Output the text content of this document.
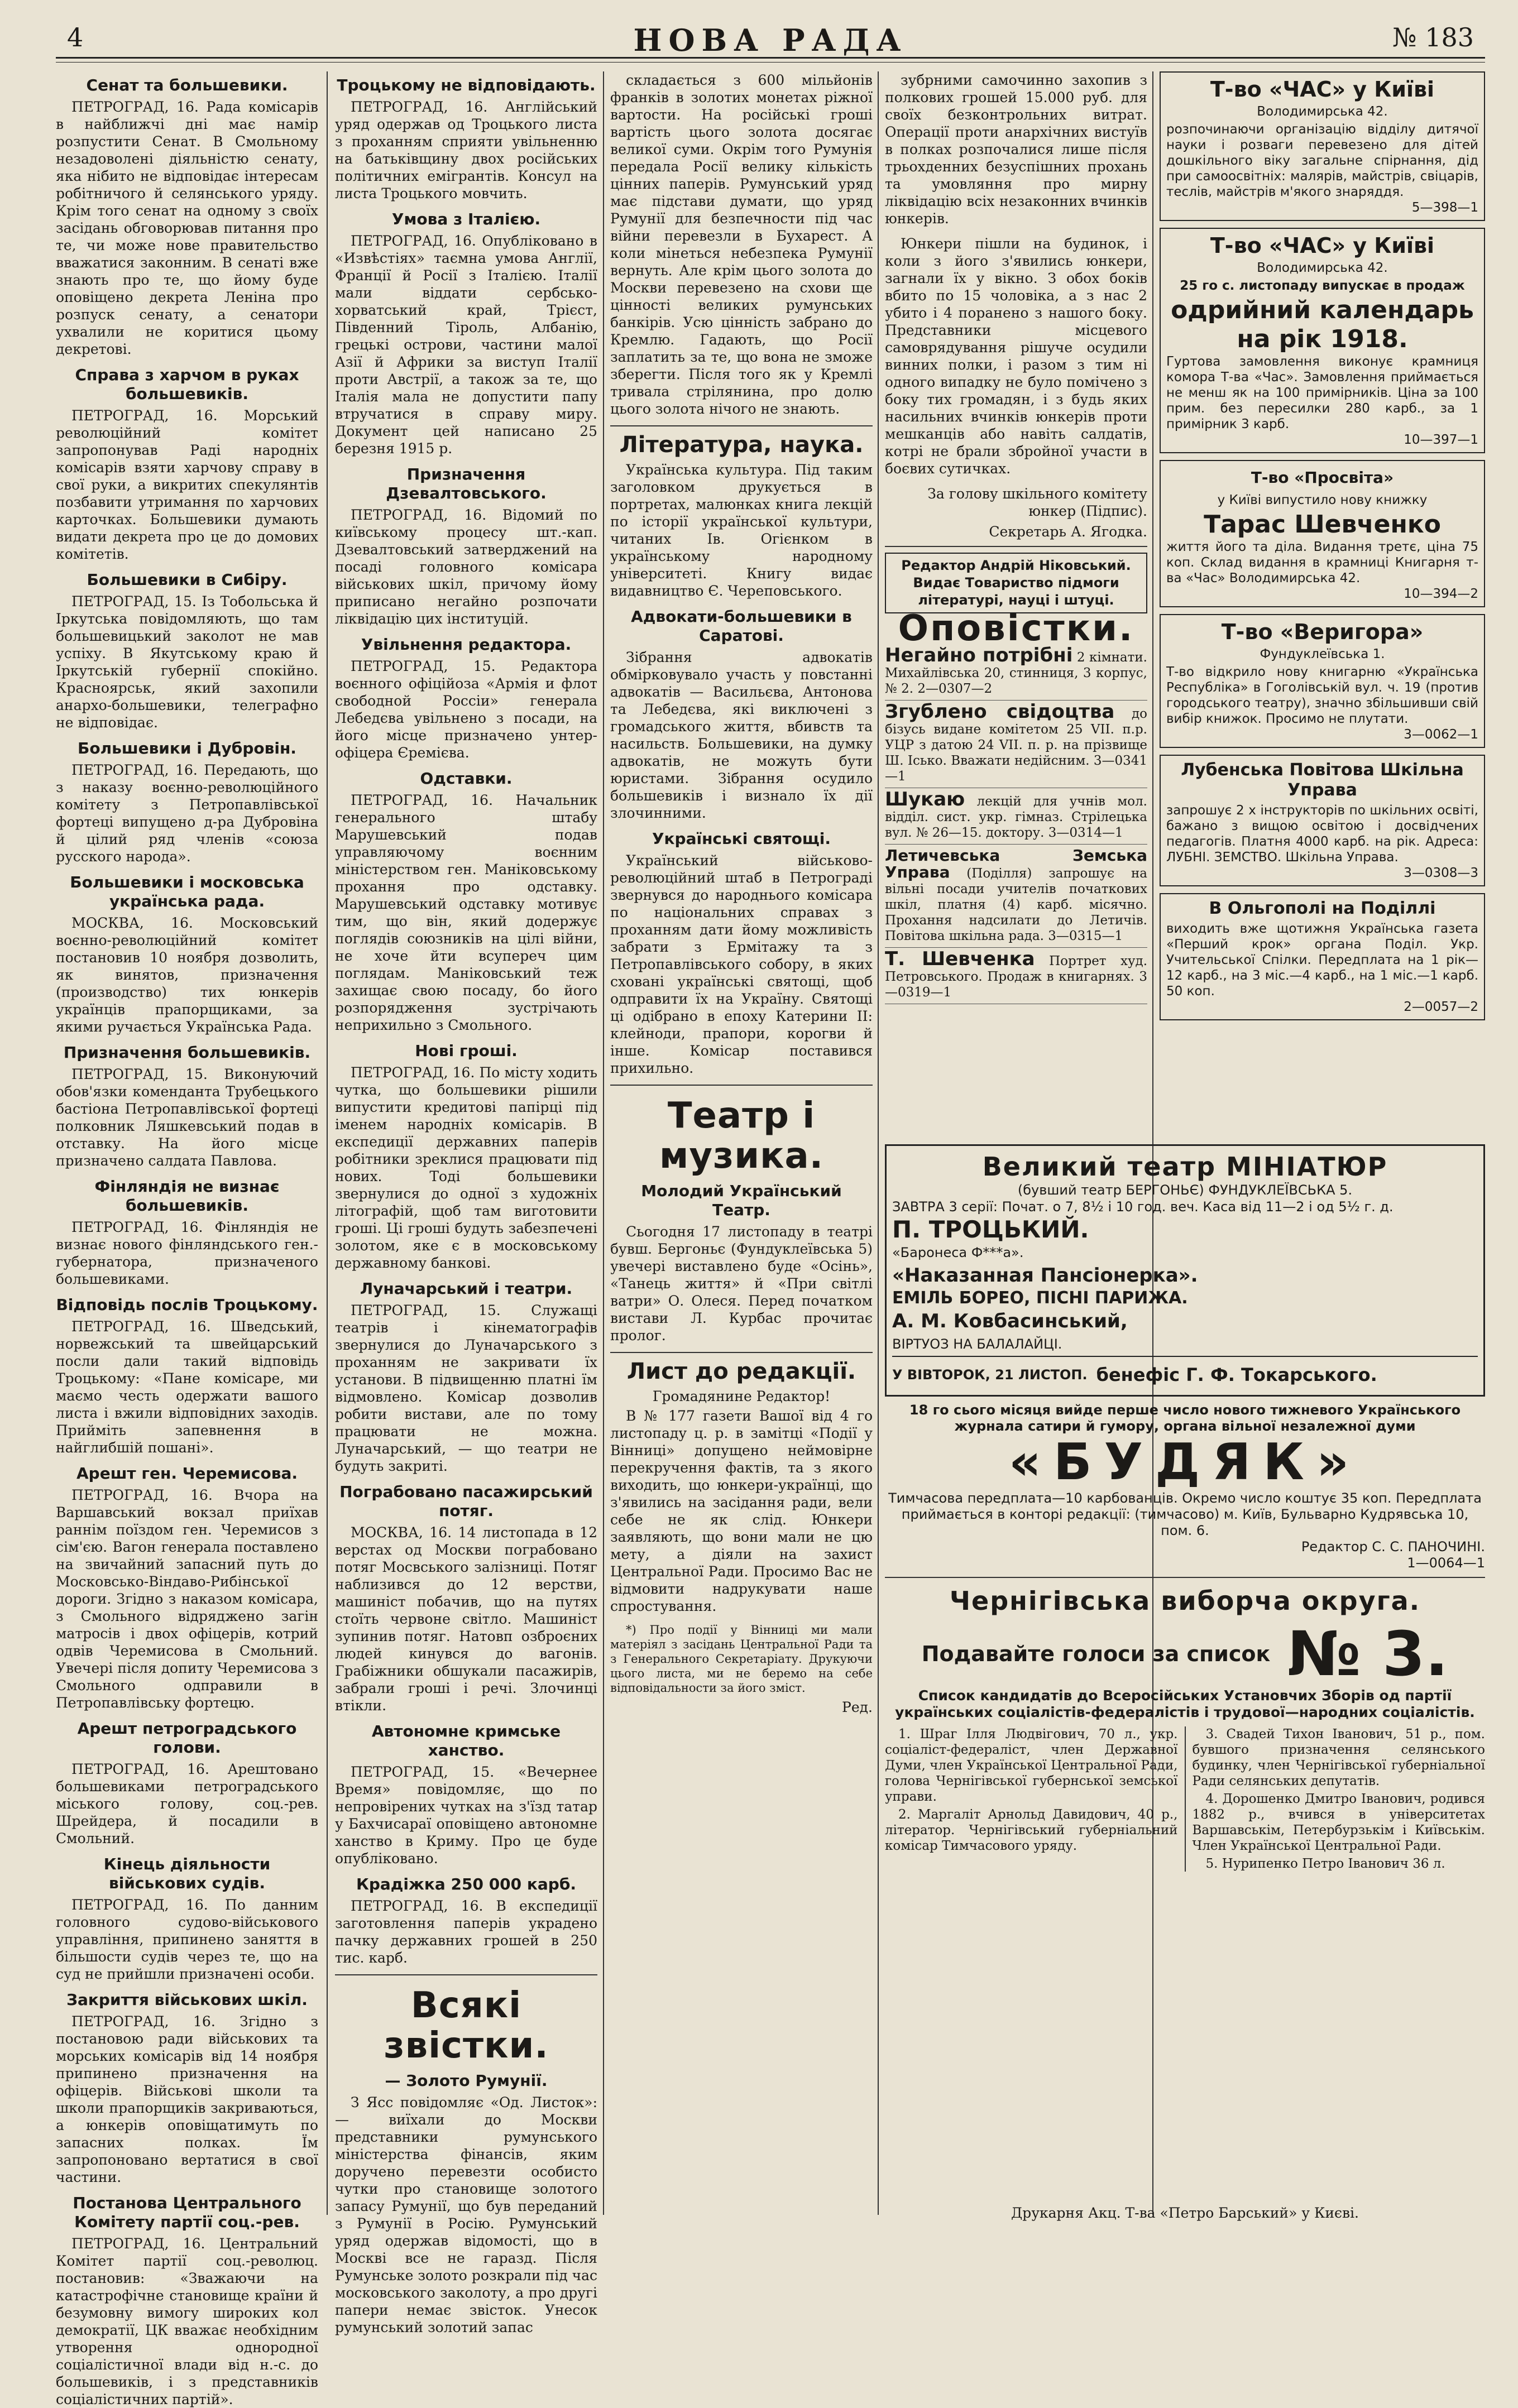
4	НОВА РАДА	№ 183
Сенат та большевики.

ПЕТРОГРАД, 16. Рада комісарів в найближчі дні має намір розпустити Сенат. В Смольному незадоволені діяльністю сенату, яка нібито не відповідає інтересам робітничого й селянського уряду. Крім того сенат на одному з своїх засідань обговорював питання про те, чи може нове правительство вважатися законним. В сенаті вже знають про те, що йому буде оповіщено декрета Леніна про розпуск сенату, а сенатори ухвалили не коритися цьому декретові.

Справа з харчом в руках большевиків.

ПЕТРОГРАД, 16. Морський революційний комітет запропонував Раді народніх комісарів взяти харчову справу в свої руки, а викритих спекулянтів позбавити утримання по харчових карточках. Большевики думають видати декрета про це до домових комітетів.

Большевики в Сибіру.

ПЕТРОГРАД, 15. Із Тобольська й Іркутська повідомляють, що там большевицький заколот не мав успіху. В Якутському краю й Іркутській губернії спокійно. Красноярськ, який захопили анархо-большевики, телеграфно не відповідає.

Большевики і Дубровін.

ПЕТРОГРАД, 16. Передають, що з наказу воєнно-революційного комітету з Петропавлівської фортеці випущено д-ра Дубровіна й цілий ряд членів «союза русского народа».

Большевики і московська українська рада.

МОСКВА, 16. Московський воєнно-революційний комітет постановив 10 ноября дозволить, як винятов, призначення (производство) тих юнкерів українців прапорщиками, за якими ручається Українська Рада.

Призначення большевиків.

ПЕТРОГРАД, 15. Виконуючий обов'язки коменданта Трубецького бастіона Петропавлівської фортеці полковник Ляшкевський подав в отставку. На його місце призначено салдата Павлова.

Фінляндія не визнає большевиків.

ПЕТРОГРАД, 16. Фінляндія не визнає нового фінляндського ген.-губернатора, призначеного большевиками.

Відповідь послів Троцькому.

ПЕТРОГРАД, 16. Шведський, норвежський та швейцарський посли дали такий відповідь Троцькому: «Пане комісаре, ми маємо честь одержати вашого листа і вжили відповідних заходів. Прийміть запевнення в найглибшій пошані».

Арешт ген. Черемисова.

ПЕТРОГРАД, 16. Вчора на Варшавський вокзал приїхав раннім поїздом ген. Черемисов з сім'єю. Вагон генерала поставлено на звичайний запасний путь до Московсько-Віндаво-Рибінської дороги. Згідно з наказом комісара, з Смольного відряджено загін матросів і двох офіцерів, котрий одвів Черемисова в Смольний. Увечері після допиту Черемисова з Смольного одправили в Петропавлівську фортецю.

Арешт петроградського голови.

ПЕТРОГРАД, 16. Арештовано большевиками петроградського міського голову, соц.-рев. Шрейдера, й посадили в Смольний.

Кінець діяльности військових судів.

ПЕТРОГРАД, 16. По данним головного судово-військового управління, припинено заняття в більшости судів через те, що на суд не прийшли призначені особи.

Закриття військових шкіл.

ПЕТРОГРАД, 16. Згідно з постановою ради військових та морських комісарів від 14 ноября припинено призначення на офіцерів. Військові школи та школи прапорщиків закриваються, а юнкерів оповіщатимуть по запасних полках. Їм запропоновано вертатися в свої частини.

Постанова Центрального Комітету партії соц.-рев.

ПЕТРОГРАД, 16. Центральний Комітет партії соц.-революц. постановив: «Зважаючи на катастрофічне становище країни й безумовну вимогу широких кол демократії, ЦК вважає необхідним утворення однородної соціалістичної влади від н.-с. до большевиків, і з представників соціалістичних партій».

Троцькому не відповідають.

ПЕТРОГРАД, 16. Англійський уряд одержав од Троцького листа з проханням сприяти увільненню на батьківщину двох російських політичних емігрантів. Консул на листа Троцького мовчить.

Умова з Італією.

ПЕТРОГРАД, 16. Опубліковано в «Извѣстіях» таємна умова Англії, Франції й Росії з Італією. Італії мали віддати сербсько-хорватський край, Трієст, Південний Тіроль, Албанію, грецькі острови, частини малої Азії й Африки за виступ Італії проти Австрії, а також за те, що Італія мала не допустити папу втручатися в справу миру. Документ цей написано 25 березня 1915 р.

Призначення Дзевалтовського.

ПЕТРОГРАД, 16. Відомий по київському процесу шт.-кап. Дзевалтовський затверджений на посаді головного комісара військових шкіл, причому йому приписано негайно розпочати ліквідацію цих інституцій.

Увільнення редактора.

ПЕТРОГРАД, 15. Редактора воєнного офіційоза «Армія и флот свободной Россіи» генерала Лебедєва увільнено з посади, на його місце призначено унтер-офіцера Єремієва.

Одставки.

ПЕТРОГРАД, 16. Начальник генерального штабу Марушевський подав управляючому воєнним міністерством ген. Маніковському прохання про одставку. Марушевський одставку мотивує тим, що він, який додержує поглядів союзників на цілі війни, не хоче йти всупереч цим поглядам. Маніковський теж захищає свою посаду, бо його розпорядження зустрічають неприхильно з Смольного.

Нові гроші.

ПЕТРОГРАД, 16. По місту ходить чутка, що большевики рішили випустити кредитові папірці під іменем народніх комісарів. В експедиції державних паперів робітники зреклися працювати під нових. Тоді большевики звернулися до одної з художніх літографій, щоб там виготовити гроші. Ці гроші будуть забезпечені золотом, яке є в московському державному банкові.

Луначарський і театри.

ПЕТРОГРАД, 15. Служащі театрів і кінематографів звернулися до Луначарського з проханням не закривати їх установи. В підвищенню платні їм відмовлено. Комісар дозволив робити вистави, але по тому працювати не можна. Луначарський, — що театри не будуть закриті.

Пограбовано пасажирський потяг.

МОСКВА, 16. 14 листопада в 12 верстах од Москви пограбовано потяг Мосвського залізниці. Потяг наблизився до 12 верстви, машиніст побачив, що на путях стоїть червоне світло. Машиніст зупинив потяг. Натовп озброєних людей кинувся до вагонів. Грабіжники обшукали пасажирів, забрали гроші і речі. Злочинці втікли.

Автономне кримське ханство.

ПЕТРОГРАД, 15. «Вечернее Время» повідомляє, що по непровірених чутках на з'їзд татар у Бахчисараї оповіщено автономне ханство в Криму. Про це буде опубліковано.

Крадіжка 250 000 карб.

ПЕТРОГРАД, 16. В експедиції заготовлення паперів украдено пачку державних грошей в 250 тис. карб.

Всякі звістки.
— Золото Румунії.

З Ясс повідомляє «Од. Листок»: — виїхали до Москви представники румунського міністерства фінансів, яким доручено перевезти особисто чутки про становище золотого запасу Румунії, що був переданий з Румунії в Росію. Румунський уряд одержав відомості, що в Москві все не гаразд. Після Румунське золото розкрали під час московського заколоту, а про другі папери немає звісток. Унесок румунський золотий запас

складається з 600 мільйонів франків в золотих монетах ріжної вартости. На російські гроші вартість цього золота досягає великої суми. Окрім того Румунія передала Росії велику кількість цінних паперів. Румунський уряд має підстави думати, що уряд Румунії для безпечности під час війни перевезли в Бухарест. А коли мінеться небезпека Румунії вернуть. Але крім цього золота до Москви перевезено на схови ще цінності великих румунських банкірів. Усю цінність забрано до Кремлю. Гадають, що Росії заплатить за те, що вона не зможе зберегти. Після того як у Кремлі тривала стрілянина, про долю цього золота нічого не знають.

Література, наука.

Українська культура. Під таким заголовком друкується в портретах, малюнках книга лекцій по історії української культури, читаних Ів. Огієнком в українському народному університеті. Книгу видає видавництво Є. Череповського.

Адвокати-большевики в Саратові.

Зібрання адвокатів обмірковувало участь у повстанні адвокатів — Васильєва, Антонова та Лебедєва, які виключені з громадського життя, вбивств та насильств. Большевики, на думку адвокатів, не можуть бути юристами. Зібрання осудило большевиків і визнало їх дії злочинними.

Українські святощі.

Український військово-революційний штаб в Петрограді звернувся до народнього комісара по національних справах з проханням дати йому можливість забрати з Ермітажу та з Петропавлівського собору, в яких сховані українські святощі, щоб одправити їх на Україну. Святощі ці одібрано в епоху Катерини II: клейноди, прапори, корогви й інше. Комісар поставився прихильно.

Театр і музика.
Молодий Український Театр.

Сьогодня 17 листопаду в театрі бувш. Бергоньє (Фундуклеївська 5) увечері виставлено буде «Осінь», «Танець життя» й «При світлі ватри» О. Олеся. Перед початком вистави Л. Курбас прочитає пролог.

Лист до редакції.
Громадянине Редактор!

В № 177 газети Вашої від 4 го листопаду ц. р. в замітці «Події у Вінниці» допущено неймовірне перекручення фактів, та з якого виходить, що юнкери-українці, що з'явились на засідання ради, вели себе не як слід. Юнкери заявляють, що вони мали не цю мету, а діяли на захист Центральної Ради. Просимо Вас не відмовити надрукувати наше спростування.

*) Про події у Вінниці ми мали матеріял з засідань Центральної Ради та з Генерального Секретаріату. Друкуючи цього листа, ми не беремо на себе відповідальности за його зміст.

Ред.

зубрними самочинно захопив з полкових грошей 15.000 руб. для своїх безконтрольних витрат. Операції проти анархічних вистуїв в полках розпочалися лише після трьохденних безуспішних прохань та умовляння про мирну ліквідацію всіх незаконних вчинків юнкерів.

Юнкери пішли на будинок, і коли з його з'явились юнкери, загнали їх у вікно. З обох боків вбито по 15 чоловіка, а з нас 2 убито і 4 поранено з нашого боку. Представники місцевого самоврядування рішуче осудили винних полки, і разом з тим ні одного випадку не було помічено з боку тих громадян, і з будь яких насильних вчинків юнкерів проти мешканців або навіть салдатів, котрі не брали збройної участи в боєвих сутичках.

За голову шкільного комітету юнкер (Підпис).
Секретарь А. Ягодка.
Редактор Андрій Ніковський.
Видає Товариство підмоги літературі, науці і штуці.
Оповістки.
Негайно потрібні 2 кімнати. Михайлівська 20, стинниця, 3 корпус, № 2. 2—0307—2
Згублено свідоцтва до бізусь видане комітетом 25 VII. п.р. УЦР з датою 24 VII. п. р. на прізвище Ш. Ісько. Вважати недійсним. 3—0341—1
Шукаю лекцій для учнів мол. відділ. сист. укр. гімназ. Стрілецька вул. № 26—15. доктору. 3—0314—1
Летичевська Земська Управа (Поділля) запрошує на вільні посади учителів початкових шкіл, платня (4) карб. місячно. Прохання надсилати до Летичів. Повітова шкільна рада. 3—0315—1
Т. Шевченка Портрет худ. Петровського. Продаж в книгарнях. 3—0319—1
Великий театр МІНІАТЮР
(бувший театр БЕРГОНЬЄ) ФУНДУКЛЕЇВСЬКА 5.
ЗАВТРА 3 серії: Почат. о 7, 8½ і 10 год. веч. Каса від 11—2 і од 5½ г. д.
П. ТРОЦЬКИЙ.
«Баронеса Ф***а».
«Наказанная Пансіонерка».
ЕМІЛЬ БОРЕО, ПІСНІ ПАРИЖА.
А. М. Ковбасинський,
ВІРТУОЗ НА БАЛАЛАЙЦІ.
У ВІВТОРОК, 21 ЛИСТОП. бенефіс Г. Ф. Токарського.
18 го сього місяця вийде перше число нового тижневого Українського журнала сатири й гумору, органа вільної незалежної думи
«БУДЯК»
Тимчасова передплата—10 карбованців. Окремо число коштує 35 коп. Передплата приймається в конторі редакції: (тимчасово) м. Київ, Бульварно Кудрявська 10, пом. 6.
Редактор С. С. ПАНОЧИНІ.
1—0064—1
Чернігівська виборча округа.
Подавайте голоси за список № 3.
Список кандидатів до Всеросійських Установчих Зборів од партії українських соціалістів-федералістів і трудової—народних соціалістів.

1. Шраг Ілля Людвігович, 70 л., укр. соціаліст-федераліст, член Державної Думи, член Української Центральної Ради, голова Чернігівської губернської земської управи.

2. Маргаліт Арнольд Давидович, 40 р., літератор. Чернігівський губерніальний комісар Тимчасового уряду.

3. Свадей Тихон Іванович, 51 р., пом. бувшого призначення селянського будинку, член Чернігівської губерніальної Ради селянських депутатів.

4. Дорошенко Дмитро Іванович, родився 1882 р., вчився в університетах Варшавськім, Петербурзькім і Київськім. Член Української Центральної Ради.

5. Нурипенко Петро Іванович 36 л.

Т-во «ЧАС» у Київі
Володимирська 42.
розпочинаючи організацію відділу дитячої науки і розваги перевезено для дітей дошкільного віку загальне спірнання, дід при самоосвітніх: малярів, майстрів, свіцарів, теслів, майстрів м'якого знаряддя.
5—398—1
Т-во «ЧАС» у Київі
Володимирська 42.
25 го с. листопаду випускає в продаж
одрийний календарь на рік 1918.
Гуртова замовлення виконує крамниця комора Т-ва «Час». Замовлення приймається не менш як на 100 примірників. Ціна за 100 прим. без пересилки 280 карб., за 1 примірник 3 карб.
10—397—1
Т-во «Просвіта»
у Київі випустило нову книжку
Тарас Шевченко
життя його та діла. Видання третє, ціна 75 коп. Склад видання в крамниці Книгарня т-ва «Час» Володимирська 42.
10—394—2
Т-во «Веригора»
Фундуклеївська 1.
Т-во відкрило нову книгарню «Українська Республіка» в Гоголівській вул. ч. 19 (против городського театру), значно збільшивши свій вибір книжок. Просимо не плутати.
3—0062—1
Лубенська Повітова Шкільна Управа
запрошує 2 х інструкторів по шкільних освіті, бажано з вищою освітою і досвідчених педагогів. Платня 4000 карб. на рік. Адреса: ЛУБНІ. ЗЕМСТВО. Шкільна Управа.
3—0308—3
В Ольгополі на Поділлі
виходить вже щотижня Українська газета «Перший крок» органа Поділ. Укр. Учительської Спілки. Передплата на 1 рік—12 карб., на 3 міс.—4 карб., на 1 міс.—1 карб. 50 коп.
2—0057—2
Друкарня Акц. Т-ва «Петро Барський» у Києві.
